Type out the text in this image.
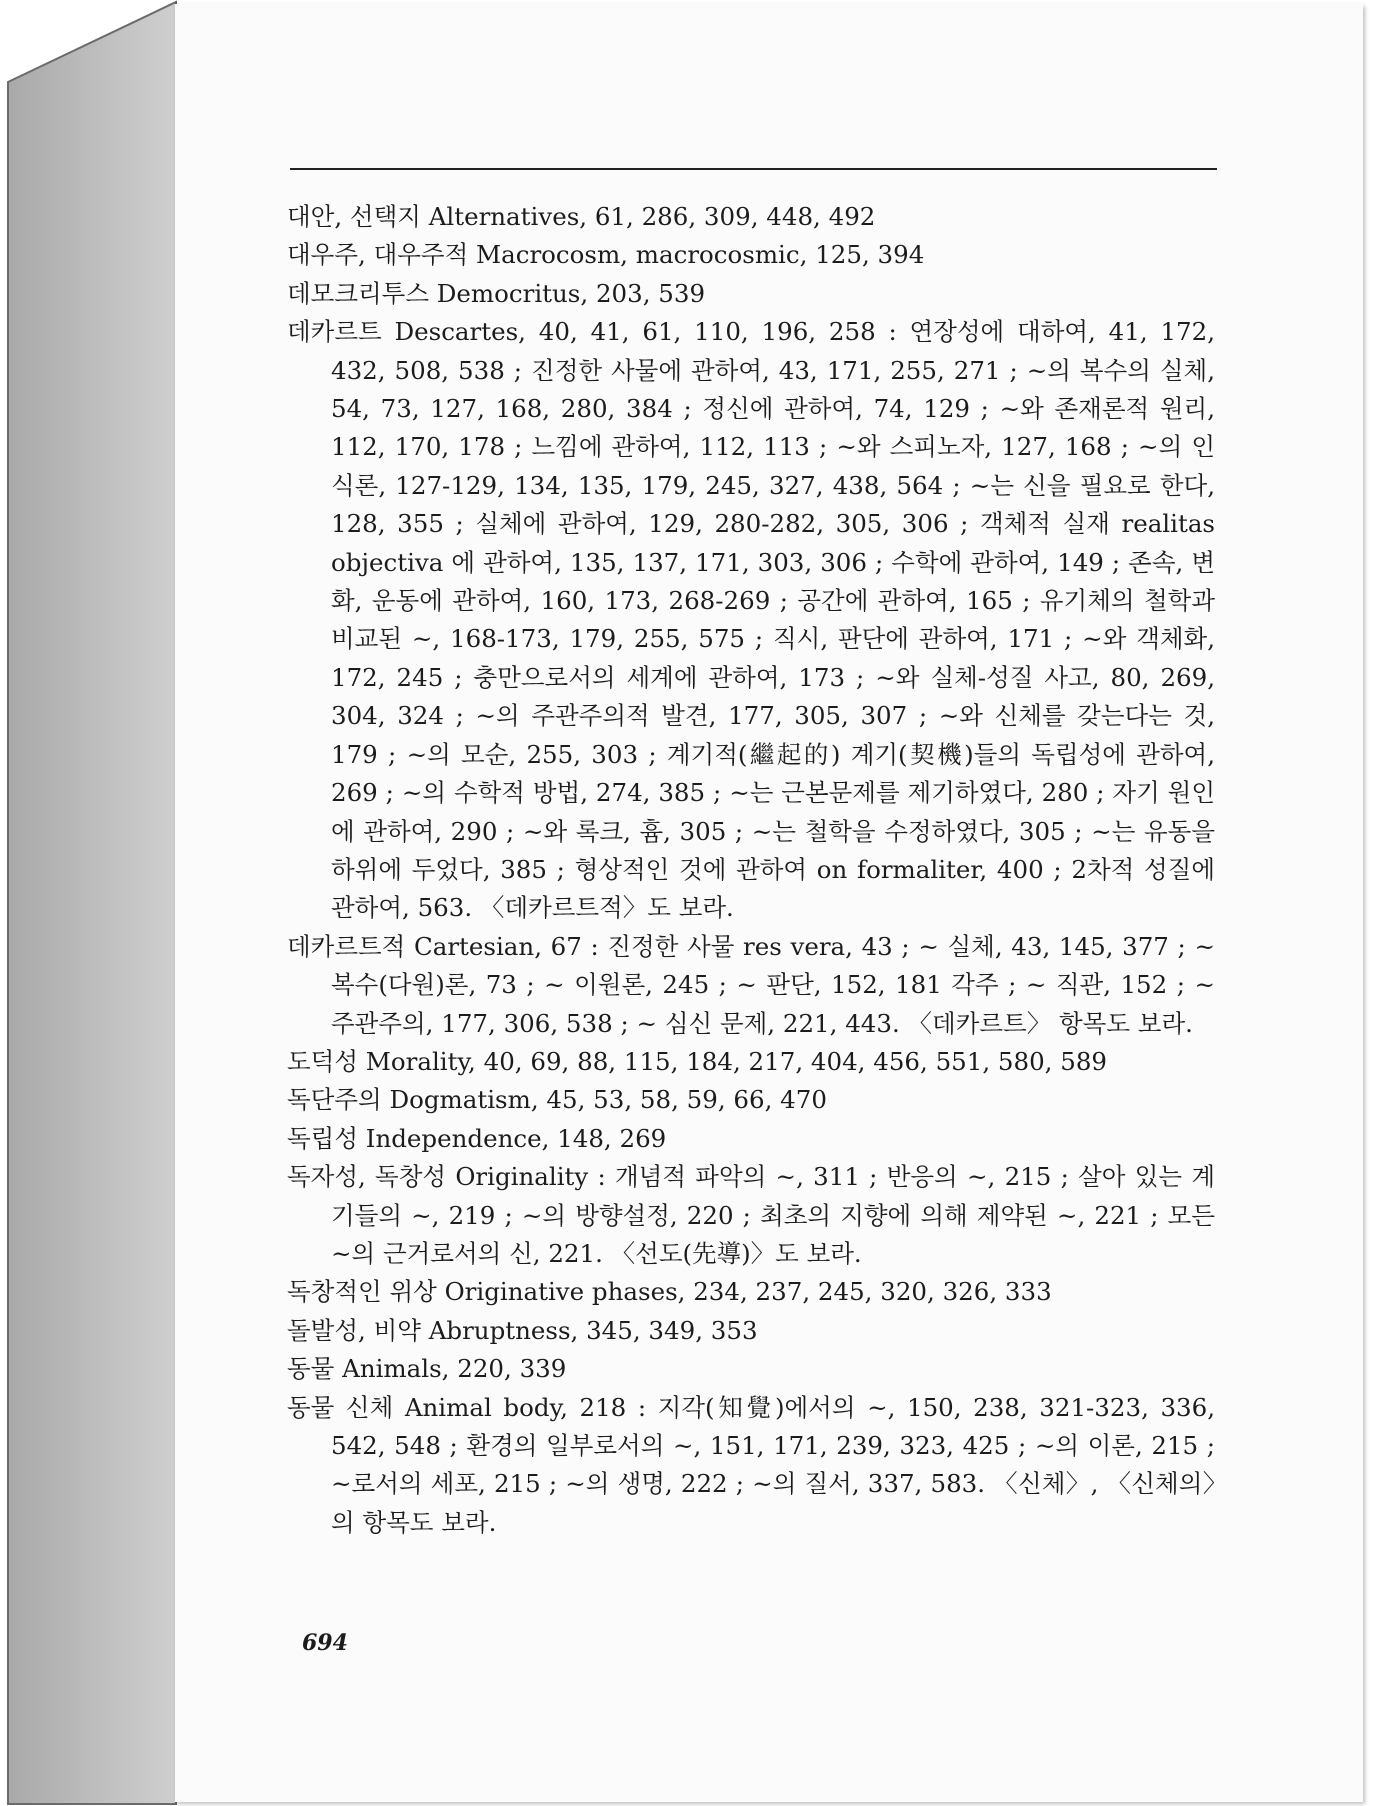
대안, 선택지 Alternatives, 61, 286, 309, 448, 492

대우주, 대우주적 Macrocosm, macrocosmic, 125, 394

데모크리투스 Democritus, 203, 539

데카르트 Descartes, 40, 41, 61, 110, 196, 258 : 연장성에 대하여, 41, 172, 432, 508, 538 ; 진정한 사물에 관하여, 43, 171, 255, 271 ; ~의 복수의 실체, 54, 73, 127, 168, 280, 384 ; 정신에 관하여, 74, 129 ; ~와 존재론적 원리, 112, 170, 178 ; 느낌에 관하여, 112, 113 ; ~와 스피노자, 127, 168 ; ~의 인식론, 127-129, 134, 135, 179, 245, 327, 438, 564 ; ~는 신을 필요로 한다, 128, 355 ; 실체에 관하여, 129, 280-282, 305, 306 ; 객체적 실재 realitas objectiva 에 관하여, 135, 137, 171, 303, 306 ; 수학에 관하여, 149 ; 존속, 변화, 운동에 관하여, 160, 173, 268-269 ; 공간에 관하여, 165 ; 유기체의 철학과 비교된 ~, 168-173, 179, 255, 575 ; 직시, 판단에 관하여, 171 ; ~와 객체화, 172, 245 ; 충만으로서의 세계에 관하여, 173 ; ~와 실체-성질 사고, 80, 269, 304, 324 ; ~의 주관주의적 발견, 177, 305, 307 ; ~와 신체를 갖는다는 것, 179 ; ~의 모순, 255, 303 ; 계기적(繼起的) 계기(契機)들의 독립성에 관하여, 269 ; ~의 수학적 방법, 274, 385 ; ~는 근본문제를 제기하였다, 280 ; 자기 원인에 관하여, 290 ; ~와 록크, 흄, 305 ; ~는 철학을 수정하였다, 305 ; ~는 유동을 하위에 두었다, 385 ; 형상적인 것에 관하여 on formaliter, 400 ; 2차적 성질에 관하여, 563. 〈데카르트적〉도 보라.

데카르트적 Cartesian, 67 : 진정한 사물 res vera, 43 ; ~ 실체, 43, 145, 377 ; ~ 복수(다원)론, 73 ; ~ 이원론, 245 ; ~ 판단, 152, 181 각주 ; ~ 직관, 152 ; ~ 주관주의, 177, 306, 538 ; ~ 심신 문제, 221, 443. 〈데카르트〉 항목도 보라.

도덕성 Morality, 40, 69, 88, 115, 184, 217, 404, 456, 551, 580, 589

독단주의 Dogmatism, 45, 53, 58, 59, 66, 470

독립성 Independence, 148, 269

독자성, 독창성 Originality : 개념적 파악의 ~, 311 ; 반응의 ~, 215 ; 살아 있는 계기들의 ~, 219 ; ~의 방향설정, 220 ; 최초의 지향에 의해 제약된 ~, 221 ; 모든 ~의 근거로서의 신, 221. 〈선도(先導)〉도 보라.

독창적인 위상 Originative phases, 234, 237, 245, 320, 326, 333

돌발성, 비약 Abruptness, 345, 349, 353

동물 Animals, 220, 339

동물 신체 Animal body, 218 : 지각(知覺)에서의 ~, 150, 238, 321-323, 336, 542, 548 ; 환경의 일부로서의 ~, 151, 171, 239, 323, 425 ; ~의 이론, 215 ; ~로서의 세포, 215 ; ~의 생명, 222 ; ~의 질서, 337, 583. 〈신체〉, 〈신체의〉의 항목도 보라.

694
